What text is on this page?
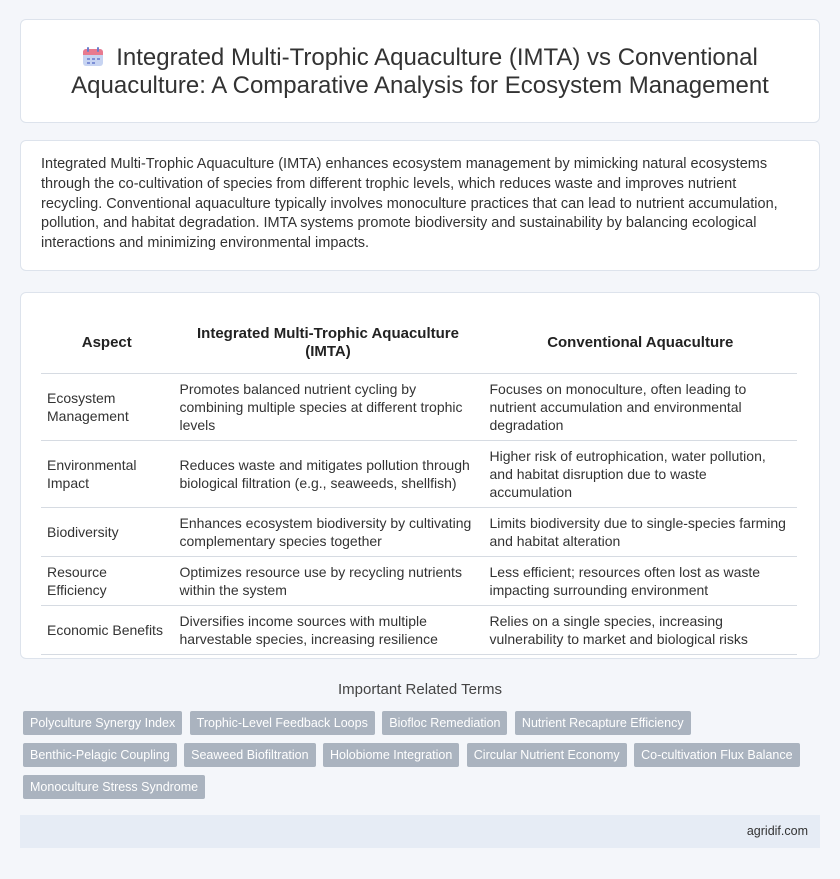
Integrated Multi-Trophic Aquaculture (IMTA) vs Conventional Aquaculture: A Comparative Analysis for Ecosystem Management

Integrated Multi-Trophic Aquaculture (IMTA) enhances ecosystem management by mimicking natural ecosystems through the co-cultivation of species from different trophic levels, which reduces waste and improves nutrient recycling. Conventional aquaculture typically involves monoculture practices that can lead to nutrient accumulation, pollution, and habitat degradation. IMTA systems promote biodiversity and sustainability by balancing ecological interactions and minimizing environmental impacts.

Aspect	Integrated Multi-Trophic Aquaculture (IMTA)	Conventional Aquaculture
Ecosystem Management	Promotes balanced nutrient cycling by combining multiple species at different trophic levels	Focuses on monoculture, often leading to nutrient accumulation and environmental degradation
Environmental Impact	Reduces waste and mitigates pollution through biological filtration (e.g., seaweeds, shellfish)	Higher risk of eutrophication, water pollution, and habitat disruption due to waste accumulation
Biodiversity	Enhances ecosystem biodiversity by cultivating complementary species together	Limits biodiversity due to single-species farming and habitat alteration
Resource Efficiency	Optimizes resource use by recycling nutrients within the system	Less efficient; resources often lost as waste impacting surrounding environment
Economic Benefits	Diversifies income sources with multiple harvestable species, increasing resilience	Relies on a single species, increasing vulnerability to market and biological risks
Important Related Terms
Polyculture Synergy Index Trophic-Level Feedback Loops Biofloc Remediation Nutrient Recapture Efficiency Benthic-Pelagic Coupling Seaweed Biofiltration Holobiome Integration Circular Nutrient Economy Co-cultivation Flux Balance Monoculture Stress Syndrome
agridif.com
